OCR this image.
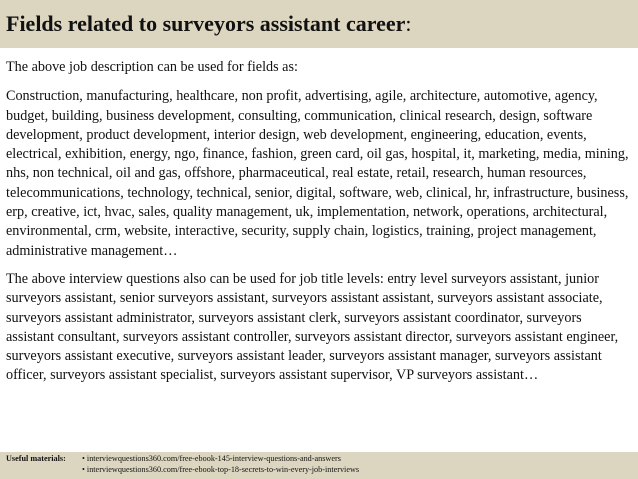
Fields related to surveyors assistant career:

The above job description can be used for fields as:

Construction, manufacturing, healthcare, non profit, advertising, agile, architecture, automotive, agency, budget, building, business development, consulting, communication, clinical research, design, software development, product development, interior design, web development, engineering, education, events, electrical, exhibition, energy, ngo, finance, fashion, green card, oil gas, hospital, it, marketing, media, mining, nhs, non technical, oil and gas, offshore, pharmaceutical, real estate, retail, research, human resources, telecommunications, technology, technical, senior, digital, software, web, clinical, hr, infrastructure, business, erp, creative, ict, hvac, sales, quality management, uk, implementation, network, operations, architectural, environmental, crm, website, interactive, security, supply chain, logistics, training, project management, administrative management…

The above interview questions also can be used for job title levels: entry level surveyors assistant, junior surveyors assistant, senior surveyors assistant, surveyors assistant assistant, surveyors assistant associate, surveyors assistant administrator, surveyors assistant clerk, surveyors assistant coordinator, surveyors assistant consultant, surveyors assistant controller, surveyors assistant director, surveyors assistant engineer, surveyors assistant executive, surveyors assistant leader, surveyors assistant manager, surveyors assistant officer, surveyors assistant specialist, surveyors assistant supervisor, VP surveyors assistant…

Useful materials:	• interviewquestions360.com/free-ebook-145-interview-questions-and-answers
• interviewquestions360.com/free-ebook-top-18-secrets-to-win-every-job-interviews
